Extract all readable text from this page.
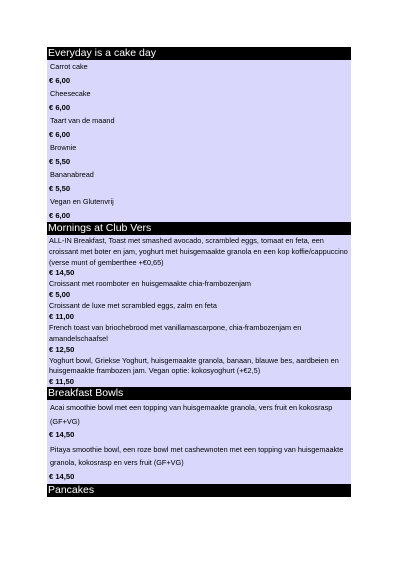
Everyday is a cake day
Carrot cake
€ 6,00
Cheesecake
€ 6,00
Taart van de maand
€ 6,00
Brownie
€ 5,50
Bananabread
€ 5,50
Vegan en Glutenvrij
€ 6,00
Mornings at Club Vers
ALL-IN Breakfast, Toast met smashed avocado, scrambled eggs, tomaat en feta, een croissant met boter en jam, yoghurt met huisgemaakte granola en een kop koffie/cappuccino (verse munt of gemberthee +€0,65)
€ 14,50
Croissant met roomboter en huisgemaakte chia-frambozenjam
€ 5,00
Croissant de luxe met scrambled eggs, zalm en feta
€ 11,00
French toast van briochebrood met vanillamascarpone, chia-frambozenjam en amandelschaafsel
€ 12,50
Yoghurt bowl, Griekse Yoghurt, huisgemaakte granola, banaan, blauwe bes, aardbeien en huisgemaakte frambozen jam. Vegan optie: kokosyoghurt (+€2,5)
€ 11,50
Breakfast Bowls
Acai smoothie bowl met een topping van huisgemaakte granola, vers fruit en kokosrasp (GF+VG)
€ 14,50
Pitaya smoothie bowl, een roze bowl met cashewnoten met een topping van huisgemaakte granola, kokosrasp en vers fruit (GF+VG)
€ 14,50
Pancakes
